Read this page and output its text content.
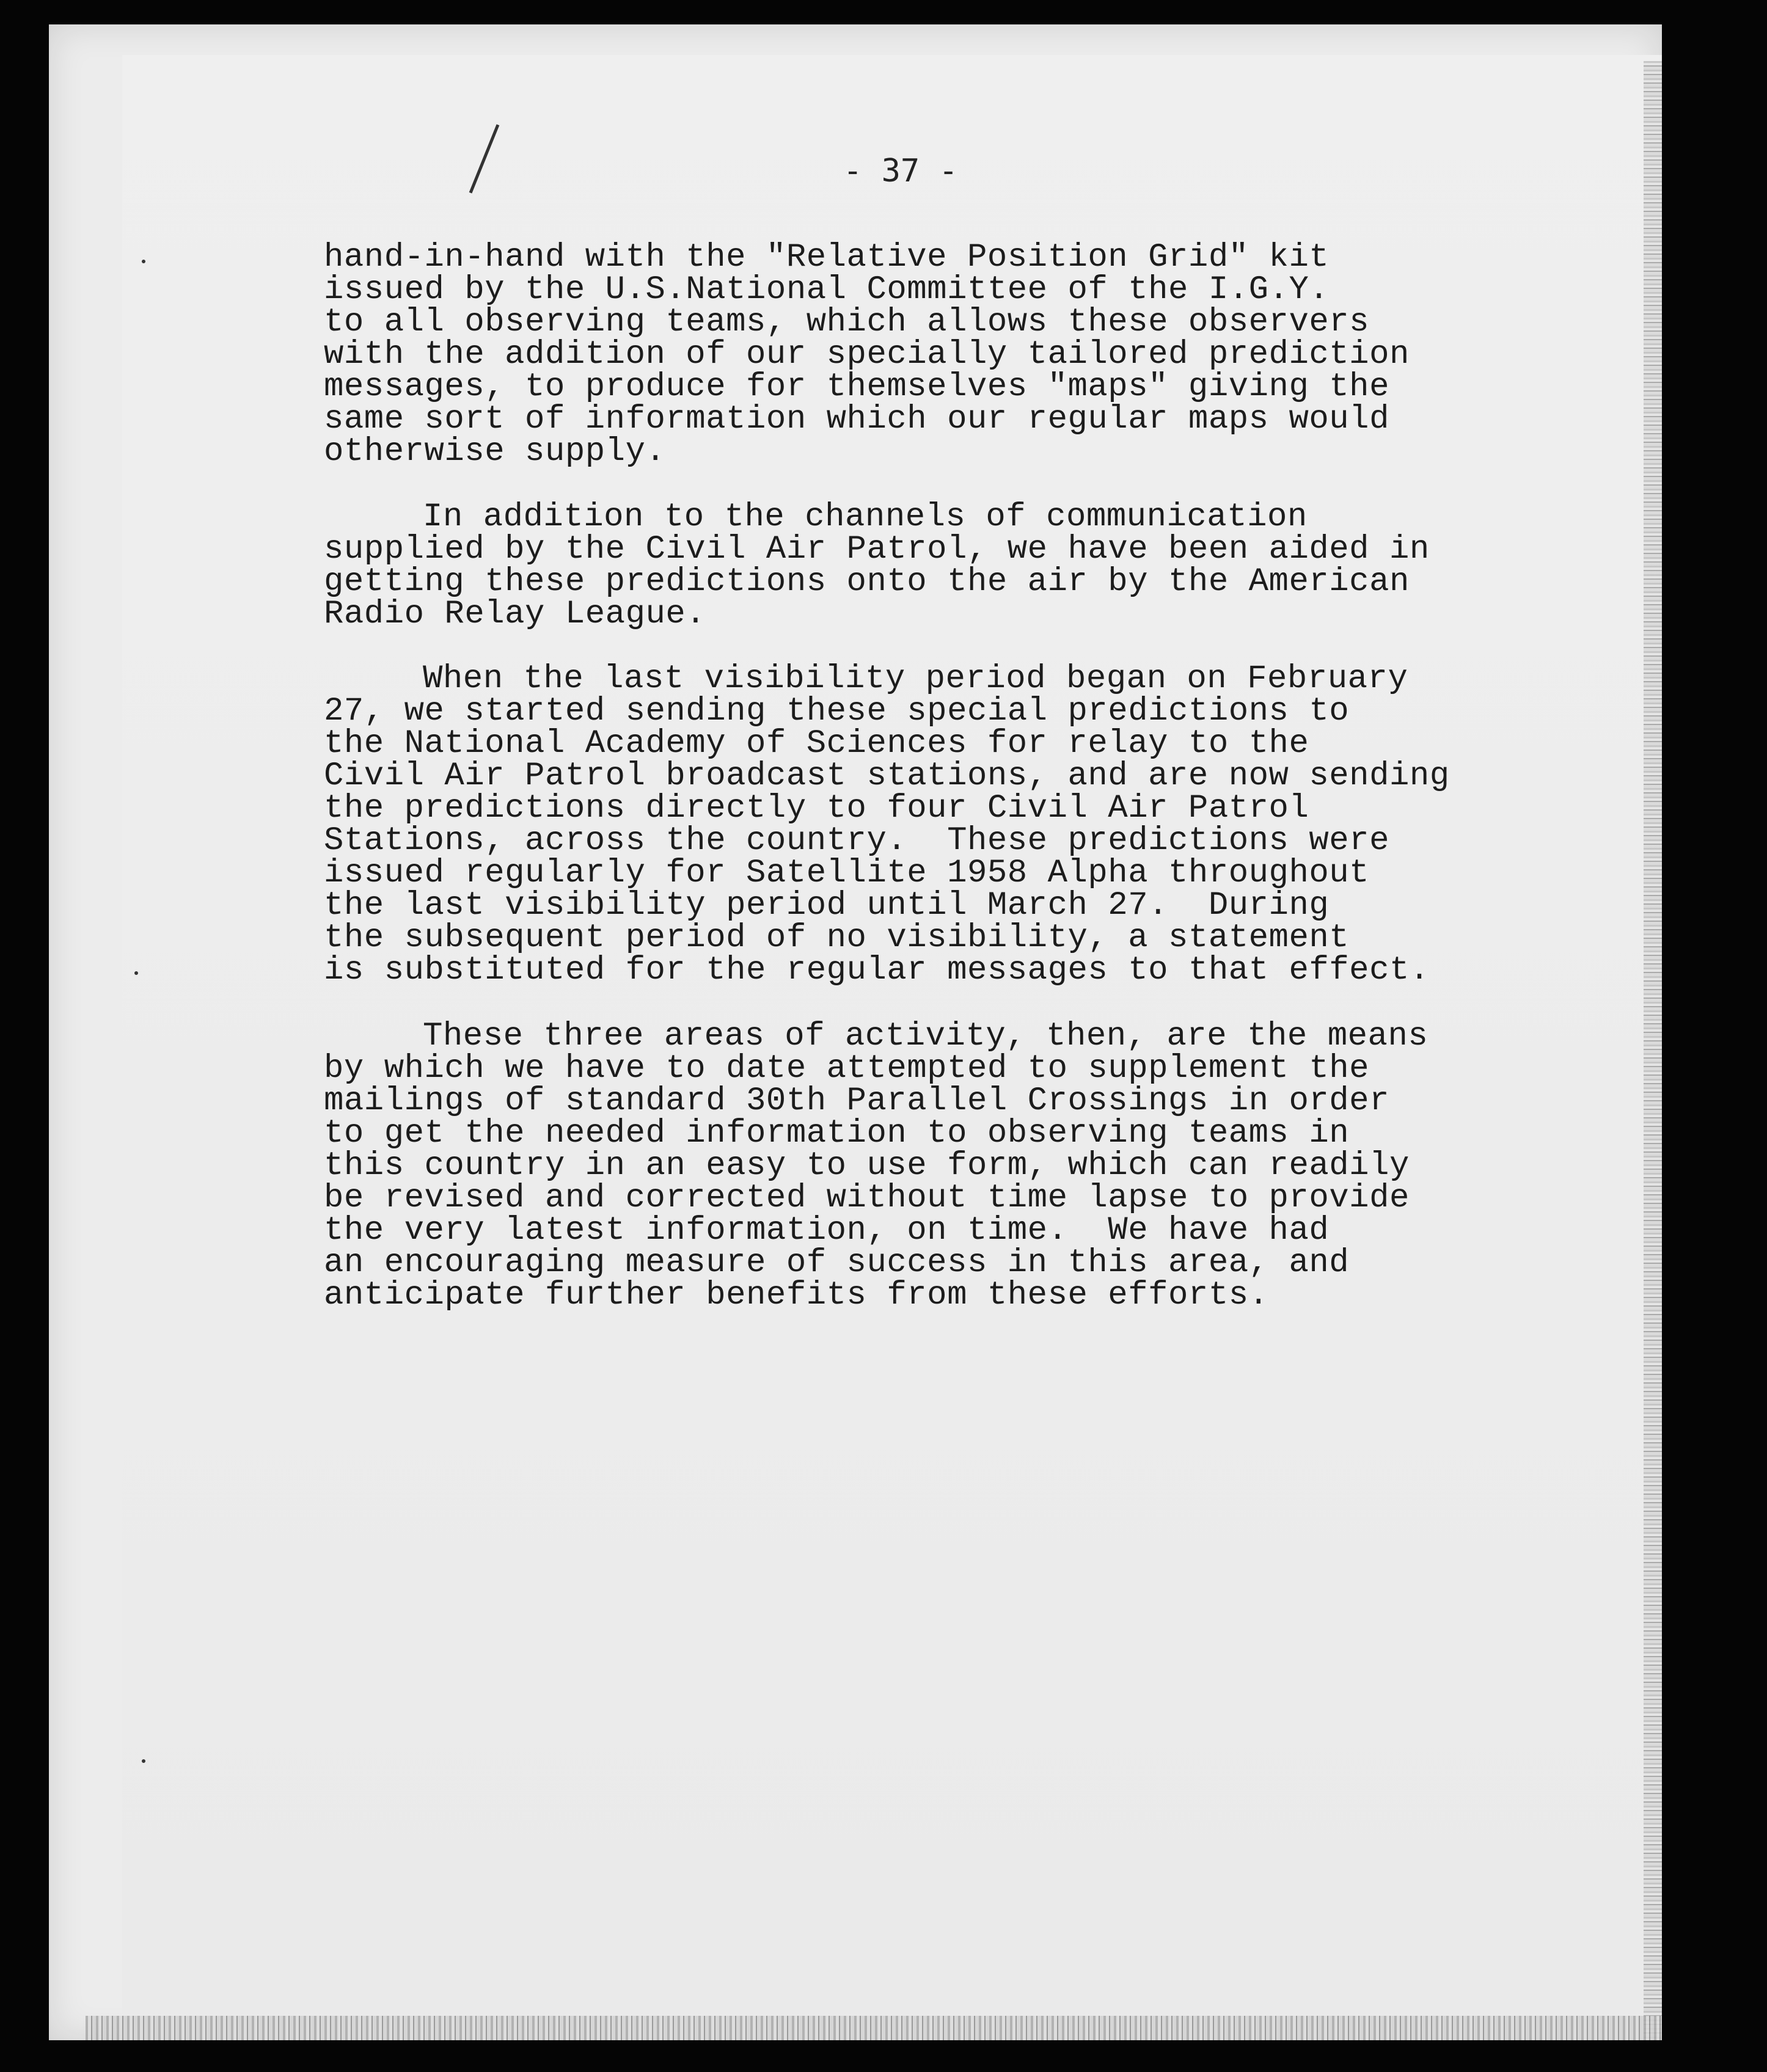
- 37 -
hand-in-hand with the "Relative Position Grid" kit
issued by the U.S.National Committee of the I.G.Y.
to all observing teams, which allows these observers
with the addition of our specially tailored prediction
messages, to produce for themselves "maps" giving the
same sort of information which our regular maps would
otherwise supply.
In addition to the channels of communication
supplied by the Civil Air Patrol, we have been aided in
getting these predictions onto the air by the American
Radio Relay League.
When the last visibility period began on February
27, we started sending these special predictions to
the National Academy of Sciences for relay to the
Civil Air Patrol broadcast stations, and are now sending
the predictions directly to four Civil Air Patrol
Stations, across the country.  These predictions were
issued regularly for Satellite 1958 Alpha throughout
the last visibility period until March 27.  During
the subsequent period of no visibility, a statement
is substituted for the regular messages to that effect.
These three areas of activity, then, are the means
by which we have to date attempted to supplement the
mailings of standard 30th Parallel Crossings in order
to get the needed information to observing teams in
this country in an easy to use form, which can readily
be revised and corrected without time lapse to provide
the very latest information, on time.  We have had
an encouraging measure of success in this area, and
anticipate further benefits from these efforts.
